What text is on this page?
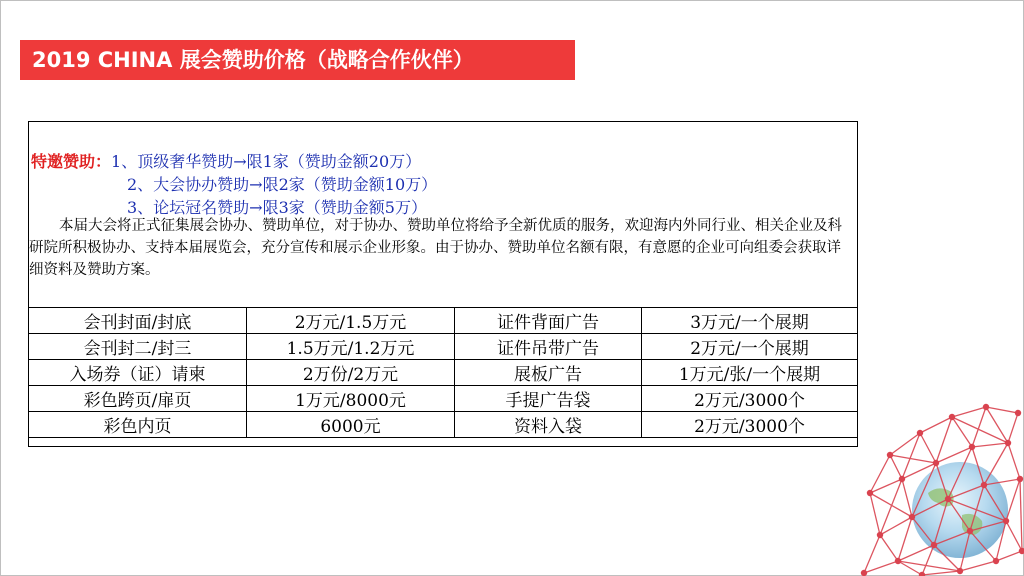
2019 CHINA 展会赞助价格（战略合作伙伴）
特邀赞助：1、顶级奢华赞助→限1家（赞助金额20万）
2、大会协办赞助→限2家（赞助金额10万）
3、论坛冠名赞助→限3家（赞助金额5万）
本届大会将正式征集展会协办、赞助单位，对于协办、赞助单位将给予全新优质的服务，欢迎海内外同行业、相关企业及科研院所积极协办、支持本届展览会，充分宣传和展示企业形象。由于协办、赞助单位名额有限，有意愿的企业可向组委会获取详细资料及赞助方案。
会刊封面/封底	2万元/1.5万元	证件背面广告	3万元/一个展期
会刊封二/封三	1.5万元/1.2万元	证件吊带广告	2万元/一个展期
入场券（证）请柬	2万份/2万元	展板广告	1万元/张/一个展期
彩色跨页/扉页	1万元/8000元	手提广告袋	2万元/3000个
彩色内页	6000元	资料入袋	2万元/3000个
